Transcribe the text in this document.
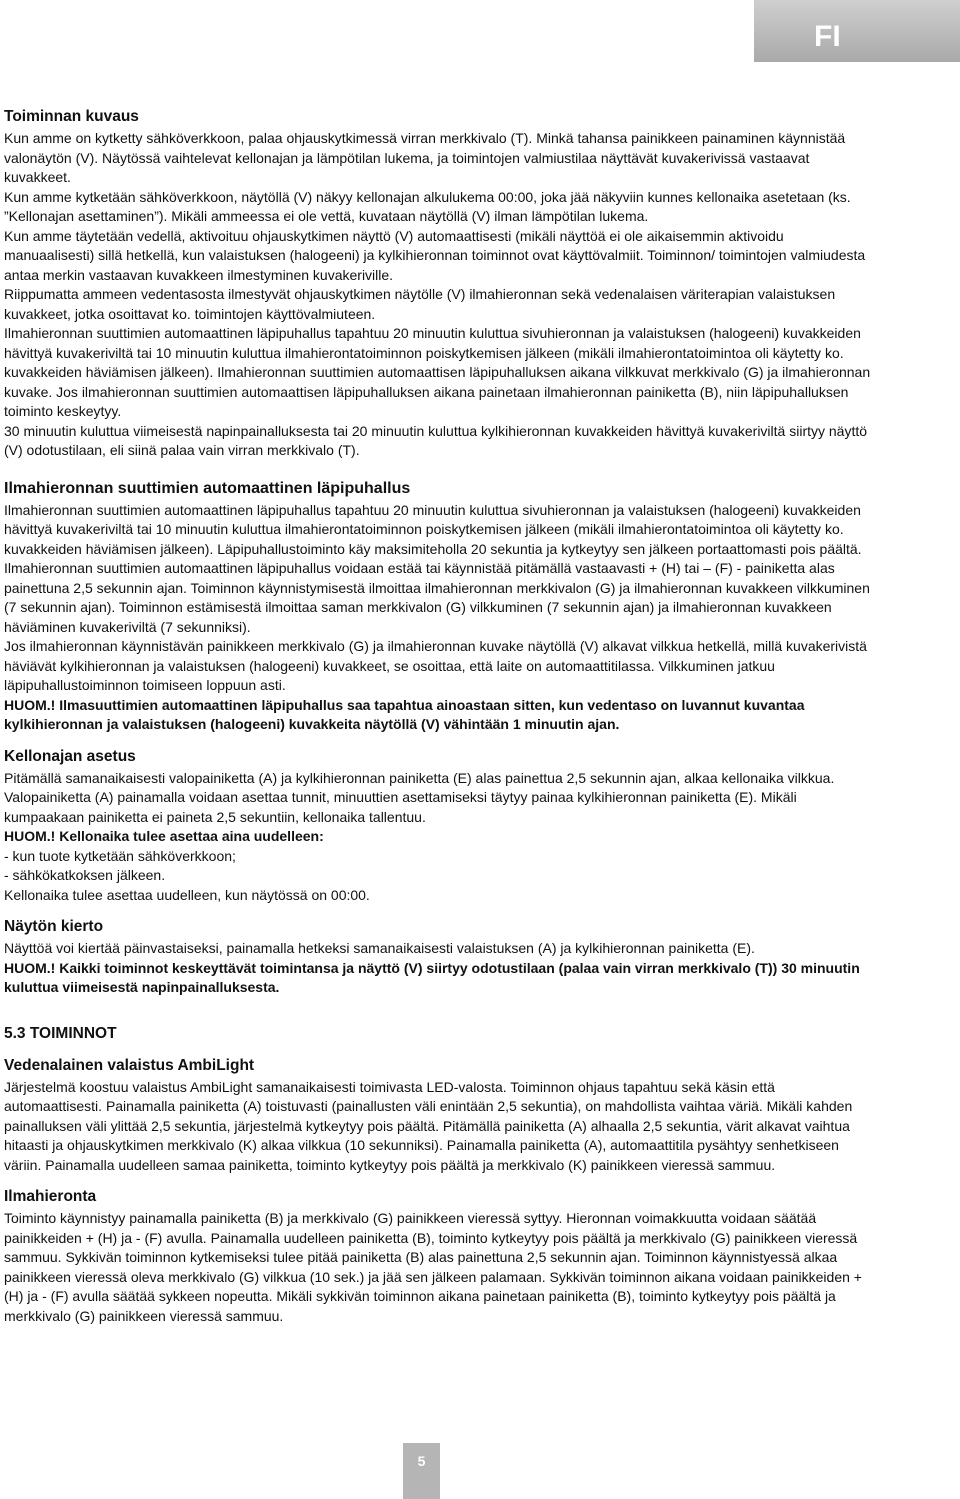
FI
Toiminnan kuvaus

Kun amme on kytketty sähköverkkoon, palaa ohjauskytkimessä virran merkkivalo (T). Minkä tahansa painikkeen painaminen käynnistää valonäytön (V). Näytössä vaihtelevat kellonajan ja lämpötilan lukema, ja toimintojen valmiustilaa näyttävät kuvakerivissä vastaavat kuvakkeet.

Kun amme kytketään sähköverkkoon, näytöllä (V) näkyy kellonajan alkulukema 00:00, joka jää näkyviin kunnes kellonaika asetetaan (ks. ”Kellonajan asettaminen”). Mikäli ammeessa ei ole vettä, kuvataan näytöllä (V) ilman lämpötilan lukema.

Kun amme täytetään vedellä, aktivoituu ohjauskytkimen näyttö (V) automaattisesti (mikäli näyttöä ei ole aikaisemmin aktivoidu manuaalisesti) sillä hetkellä, kun valaistuksen (halogeeni) ja kylkihieronnan toiminnot ovat käyttövalmiit. Toiminnon/ toimintojen valmiudesta antaa merkin vastaavan kuvakkeen ilmestyminen kuvakeriville.

Riippumatta ammeen vedentasosta ilmestyvät ohjauskytkimen näytölle (V) ilmahieronnan sekä vedenalaisen väriterapian valaistuksen kuvakkeet, jotka osoittavat ko. toimintojen käyttövalmiuteen.

Ilmahieronnan suuttimien automaattinen läpipuhallus tapahtuu 20 minuutin kuluttua sivuhieronnan ja valaistuksen (halogeeni) kuvakkeiden hävittyä kuvakeriviltä tai 10 minuutin kuluttua ilmahierontatoiminnon poiskytkemisen jälkeen (mikäli ilmahierontatoimintoa oli käytetty ko. kuvakkeiden häviämisen jälkeen). Ilmahieronnan suuttimien automaattisen läpipuhalluksen aikana vilkkuvat merkkivalo (G) ja ilmahieronnan kuvake. Jos ilmahieronnan suuttimien automaattisen läpipuhalluksen aikana painetaan ilmahieronnan painiketta (B), niin läpipuhalluksen toiminto keskeytyy.

30 minuutin kuluttua viimeisestä napinpainalluksesta tai 20 minuutin kuluttua kylkihieronnan kuvakkeiden hävittyä kuvakeriviltä siirtyy näyttö (V) odotustilaan, eli siinä palaa vain virran merkkivalo (T).

Ilmahieronnan suuttimien automaattinen läpipuhallus

Ilmahieronnan suuttimien automaattinen läpipuhallus tapahtuu 20 minuutin kuluttua sivuhieronnan ja valaistuksen (halogeeni) kuvakkeiden hävittyä kuvakeriviltä tai 10 minuutin kuluttua ilmahierontatoiminnon poiskytkemisen jälkeen (mikäli ilmahierontatoimintoa oli käytetty ko. kuvakkeiden häviämisen jälkeen). Läpipuhallustoiminto käy maksimiteholla 20 sekuntia ja kytkeytyy sen jälkeen portaattomasti pois päältä.

Ilmahieronnan suuttimien automaattinen läpipuhallus voidaan estää tai käynnistää pitämällä vastaavasti + (H) tai – (F) - painiketta alas painettuna 2,5 sekunnin ajan. Toiminnon käynnistymisestä ilmoittaa ilmahieronnan merkkivalon (G) ja ilmahieronnan kuvakkeen vilkkuminen (7 sekunnin ajan). Toiminnon estämisestä ilmoittaa saman merkkivalon (G) vilkkuminen (7 sekunnin ajan) ja ilmahieronnan kuvakkeen häviäminen kuvakeriviltä (7 sekunniksi).

Jos ilmahieronnan käynnistävän painikkeen merkkivalo (G) ja ilmahieronnan kuvake näytöllä (V) alkavat vilkkua hetkellä, millä kuvakerivistä häviävät kylkihieronnan ja valaistuksen (halogeeni) kuvakkeet, se osoittaa, että laite on automaattitilassa. Vilkkuminen jatkuu läpipuhallustoiminnon toimiseen loppuun asti.

HUOM.! Ilmasuuttimien automaattinen läpipuhallus saa tapahtua ainoastaan sitten, kun vedentaso on luvannut kuvantaa kylkihieronnan ja valaistuksen (halogeeni) kuvakkeita näytöllä (V) vähintään 1 minuutin ajan.

Kellonajan asetus

Pitämällä samanaikaisesti valopainiketta (A) ja kylkihieronnan painiketta (E) alas painettua 2,5 sekunnin ajan, alkaa kellonaika vilkkua. Valopainiketta (A) painamalla voidaan asettaa tunnit, minuuttien asettamiseksi täytyy painaa kylkihieronnan painiketta (E). Mikäli kumpaakaan painiketta ei paineta 2,5 sekuntiin, kellonaika tallentuu.

HUOM.! Kellonaika tulee asettaa aina uudelleen:

- kun tuote kytketään sähköverkkoon;

- sähkökatkoksen jälkeen.

Kellonaika tulee asettaa uudelleen, kun näytössä on 00:00.

Näytön kierto

Näyttöä voi kiertää päinvastaiseksi, painamalla hetkeksi samanaikaisesti valaistuksen (A) ja kylkihieronnan painiketta (E).

HUOM.! Kaikki toiminnot keskeyttävät toimintansa ja näyttö (V) siirtyy odotustilaan (palaa vain virran merkkivalo (T)) 30 minuutin kuluttua viimeisestä napinpainalluksesta.

5.3 TOIMINNOT
Vedenalainen valaistus AmbiLight

Järjestelmä koostuu valaistus AmbiLight samanaikaisesti toimivasta LED-valosta. Toiminnon ohjaus tapahtuu sekä käsin että automaattisesti. Painamalla painiketta (A) toistuvasti (painallusten väli enintään 2,5 sekuntia), on mahdollista vaihtaa väriä. Mikäli kahden painalluksen väli ylittää 2,5 sekuntia, järjestelmä kytkeytyy pois päältä. Pitämällä painiketta (A) alhaalla 2,5 sekuntia, värit alkavat vaihtua hitaasti ja ohjauskytkimen merkkivalo (K) alkaa vilkkua (10 sekunniksi). Painamalla painiketta (A), automaattitila pysähtyy senhetkiseen väriin. Painamalla uudelleen samaa painiketta, toiminto kytkeytyy pois päältä ja merkkivalo (K) painikkeen vieressä sammuu.

Ilmahieronta

Toiminto käynnistyy painamalla painiketta (B) ja merkkivalo (G) painikkeen vieressä syttyy. Hieronnan voimakkuutta voidaan säätää painikkeiden + (H) ja - (F) avulla. Painamalla uudelleen painiketta (B), toiminto kytkeytyy pois päältä ja merkkivalo (G) painikkeen vieressä sammuu. Sykkivän toiminnon kytkemiseksi tulee pitää painiketta (B) alas painettuna 2,5 sekunnin ajan. Toiminnon käynnistyessä alkaa painikkeen vieressä oleva merkkivalo (G) vilkkua (10 sek.) ja jää sen jälkeen palamaan. Sykkivän toiminnon aikana voidaan painikkeiden + (H) ja - (F) avulla säätää sykkeen nopeutta. Mikäli sykkivän toiminnon aikana painetaan painiketta (B), toiminto kytkeytyy pois päältä ja merkkivalo (G) painikkeen vieressä sammuu.

5
